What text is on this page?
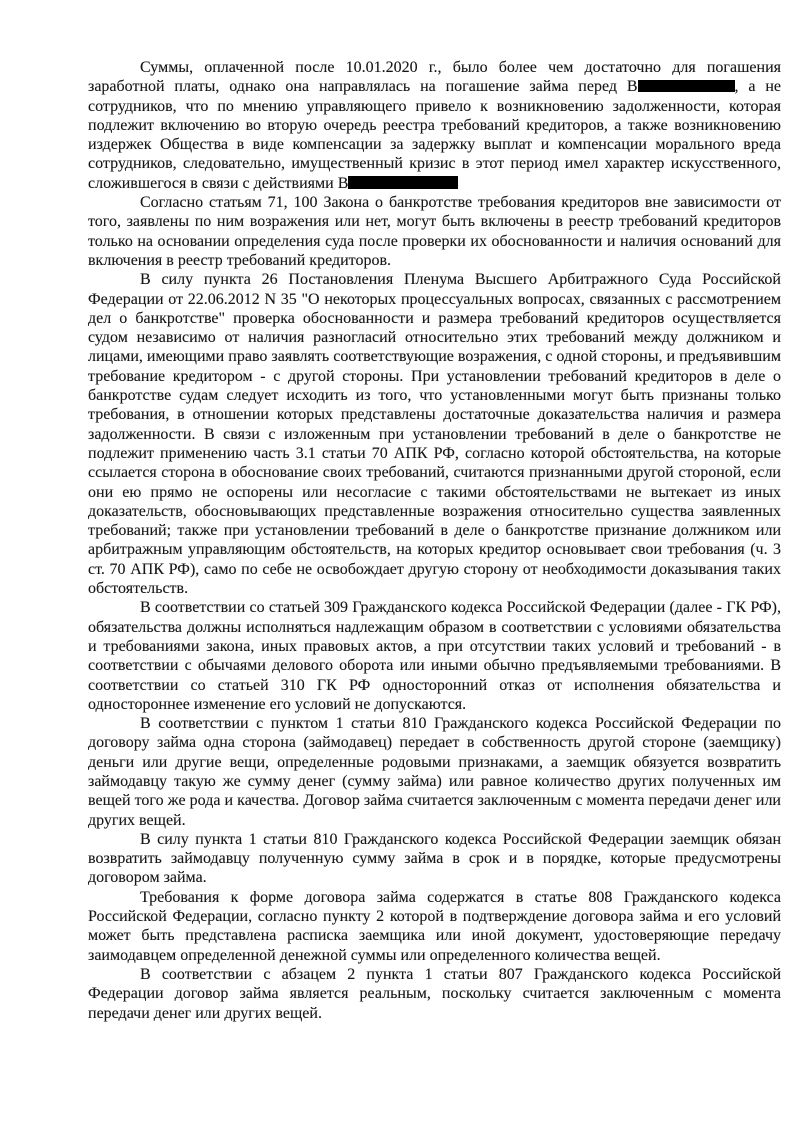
Суммы, оплаченной после 10.01.2020 г., было более чем достаточно для погашения заработной платы, однако она направлялась на погашение займа перед В	, а не сотрудников, что по мнению управляющего привело к возникновению задолженности, которая подлежит включению во вторую очередь реестра требований кредиторов, а также возникновению издержек Общества в виде компенсации за задержку выплат и компенсации морального вреда сотрудников, следовательно, имущественный кризис в этот период имел характер искусственного, сложившегося в связи с действиями В

Согласно статьям 71, 100 Закона о банкротстве требования кредиторов вне зависимости от того, заявлены по ним возражения или нет, могут быть включены в реестр требований кредиторов только на основании определения суда после проверки их обоснованности и наличия оснований для включения в реестр требований кредиторов.

В силу пункта 26 Постановления Пленума Высшего Арбитражного Суда Российской Федерации от 22.06.2012 N 35 "О некоторых процессуальных вопросах, связанных с рассмотрением дел о банкротстве" проверка обоснованности и размера требований кредиторов осуществляется судом независимо от наличия разногласий относительно этих требований между должником и лицами, имеющими право заявлять соответствующие возражения, с одной стороны, и предъявившим требование кредитором - с другой стороны. При установлении требований кредиторов в деле о банкротстве судам следует исходить из того, что установленными могут быть признаны только требования, в отношении которых представлены достаточные доказательства наличия и размера задолженности. В связи с изложенным при установлении требований в деле о банкротстве не подлежит применению часть 3.1 статьи 70 АПК РФ, согласно которой обстоятельства, на которые ссылается сторона в обоснование своих требований, считаются признанными другой стороной, если они ею прямо не оспорены или несогласие с такими обстоятельствами не вытекает из иных доказательств, обосновывающих представленные возражения относительно существа заявленных требований; также при установлении требований в деле о банкротстве признание должником или арбитражным управляющим обстоятельств, на которых кредитор основывает свои требования (ч. 3 ст. 70 АПК РФ), само по себе не освобождает другую сторону от необходимости доказывания таких обстоятельств.

В соответствии со статьей 309 Гражданского кодекса Российской Федерации (далее - ГК РФ), обязательства должны исполняться надлежащим образом в соответствии с условиями обязательства и требованиями закона, иных правовых актов, а при отсутствии таких условий и требований - в соответствии с обычаями делового оборота или иными обычно предъявляемыми требованиями. В соответствии со статьей 310 ГК РФ односторонний отказ от исполнения обязательства и одностороннее изменение его условий не допускаются.

В соответствии с пунктом 1 статьи 810 Гражданского кодекса Российской Федерации по договору займа одна сторона (займодавец) передает в собственность другой стороне (заемщику) деньги или другие вещи, определенные родовыми признаками, а заемщик обязуется возвратить займодавцу такую же сумму денег (сумму займа) или равное количество других полученных им вещей того же рода и качества. Договор займа считается заключенным с момента передачи денег или других вещей.

В силу пункта 1 статьи 810 Гражданского кодекса Российской Федерации заемщик обязан возвратить займодавцу полученную сумму займа в срок и в порядке, которые предусмотрены договором займа.

Требования к форме договора займа содержатся в статье 808 Гражданского кодекса Российской Федерации, согласно пункту 2 которой в подтверждение договора займа и его условий может быть представлена расписка заемщика или иной документ, удостоверяющие передачу заимодавцем определенной денежной суммы или определенного количества вещей.

В соответствии с абзацем 2 пункта 1 статьи 807 Гражданского кодекса Российской Федерации договор займа является реальным, поскольку считается заключенным с момента передачи денег или других вещей.
